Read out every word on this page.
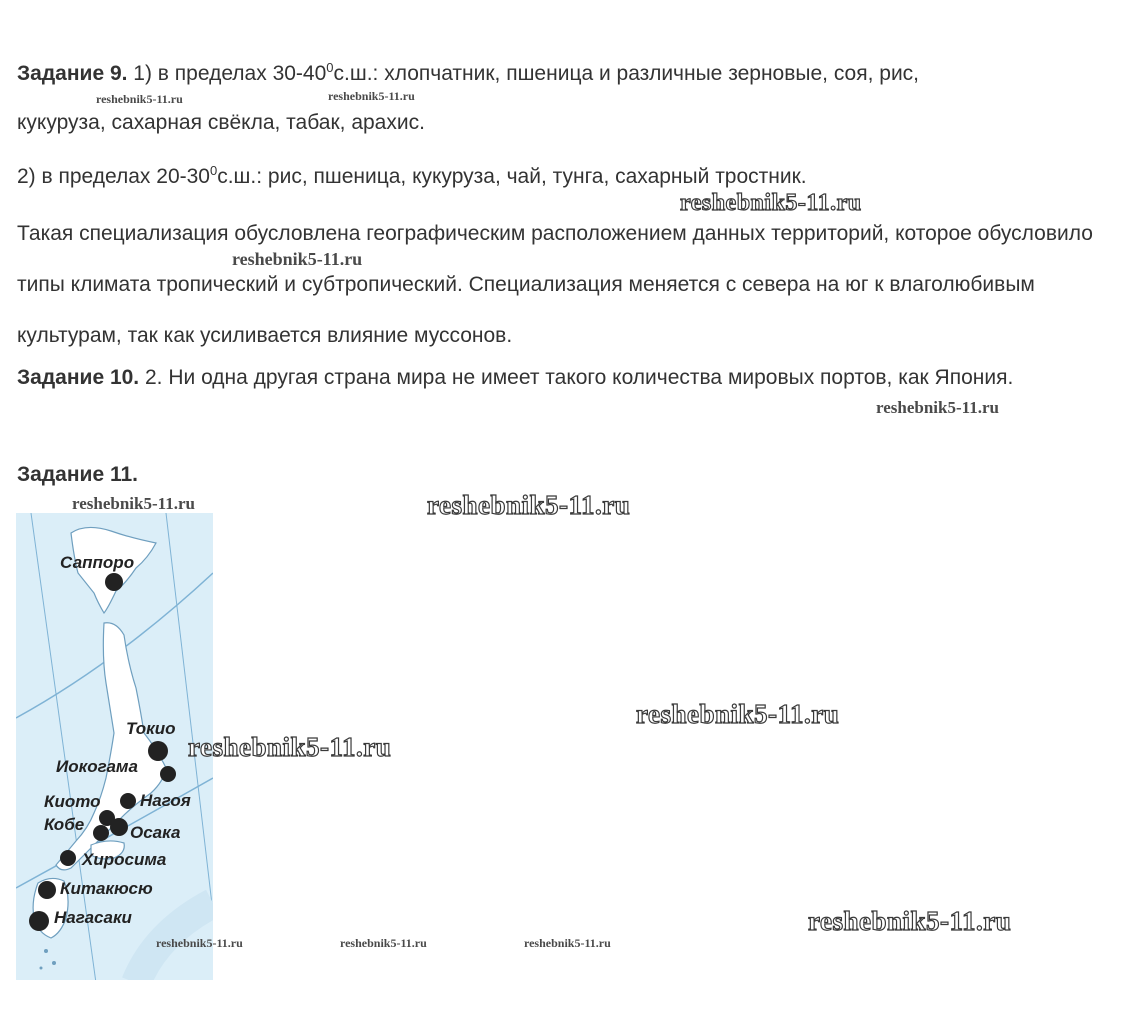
Задание 9. 1) в пределах $30-40^0с.ш$.: хлопчатник, пшеница и различные зерновые, соя, рис,
кукуруза, сахарная свёкла, табак, арахис.
2) в пределах $20-30^0с.ш$.: рис, пшеница, кукуруза, чай, тунга, сахарный тростник.

Такая специализация обусловлена географическим расположением данных территорий, которое обусловило типы климата тропический и субтропический. Специализация меняется с севера на юг к влаголюбивым культурам, так как усиливается влияние муссонов.

Задание 10. 2. Ни одна другая страна мира не имеет такого количества мировых портов, как Япония.

Задание 11.
Саппоро
Токио
Иокогама
Киото Нагоя
Кобе	Осака
Хиросима
Китакюсю
Нагасаки
reshebnik5-11.ru	reshebnik5-11.ru
reshebnik5-11.ru
reshebnik5-11.ru
reshebnik5-11.ru
reshebnik5-11.ru	reshebnik5-11.ru
reshebnik5-11.ru
reshebnik5-11.ru
reshebnik5-11.ru
reshebnik5-11.ru	reshebnik5-11.ru	reshebnik5-11.ru
